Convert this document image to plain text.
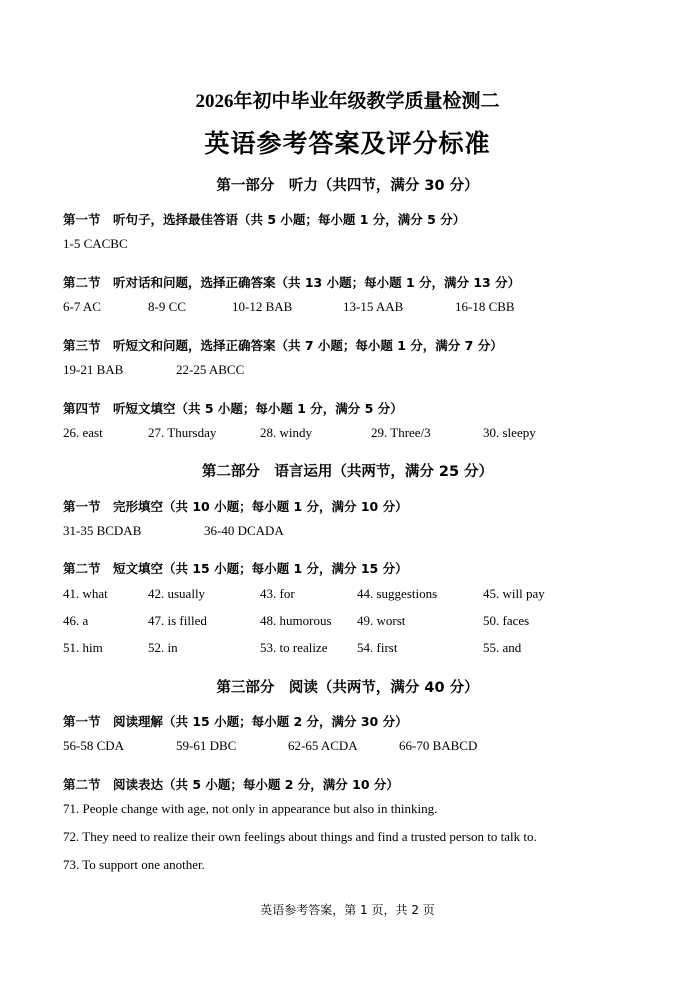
2026年初中毕业年级教学质量检测二
英语参考答案及评分标准
第一部分　听力（共四节，满分 30 分）
第一节　听句子，选择最佳答语（共 5 小题；每小题 1 分，满分 5 分）
1-5 CACBC
第二节　听对话和问题，选择正确答案（共 13 小题；每小题 1 分，满分 13 分）
6-7 AC	8-9 CC	10-12 BAB	13-15 AAB	16-18 CBB
第三节　听短文和问题，选择正确答案（共 7 小题；每小题 1 分，满分 7 分）
19-21 BAB	22-25 ABCC
第四节　听短文填空（共 5 小题；每小题 1 分，满分 5 分）
26. east	27. Thursday	28. windy	29. Three/3	30. sleepy
第二部分　语言运用（共两节，满分 25 分）
第一节　完形填空（共 10 小题；每小题 1 分，满分 10 分）
31-35 BCDAB	36-40 DCADA
第二节　短文填空（共 15 小题；每小题 1 分，满分 15 分）
41. what	42. usually	43. for	44. suggestions	45. will pay
46. a	47. is filled	48. humorous 49. worst	50. faces
51. him	52. in	53. to realize 54. first	55. and
第三部分　阅读（共两节，满分 40 分）
第一节　阅读理解（共 15 小题；每小题 2 分，满分 30 分）
56-58 CDA	59-61 DBC	62-65 ACDA	66-70 BABCD
第二节　阅读表达（共 5 小题；每小题 2 分，满分 10 分）
71. People change with age, not only in appearance but also in thinking.
72. They need to realize their own feelings about things and find a trusted person to talk to.
73. To support one another.
英语参考答案，第 1 页，共 2 页
